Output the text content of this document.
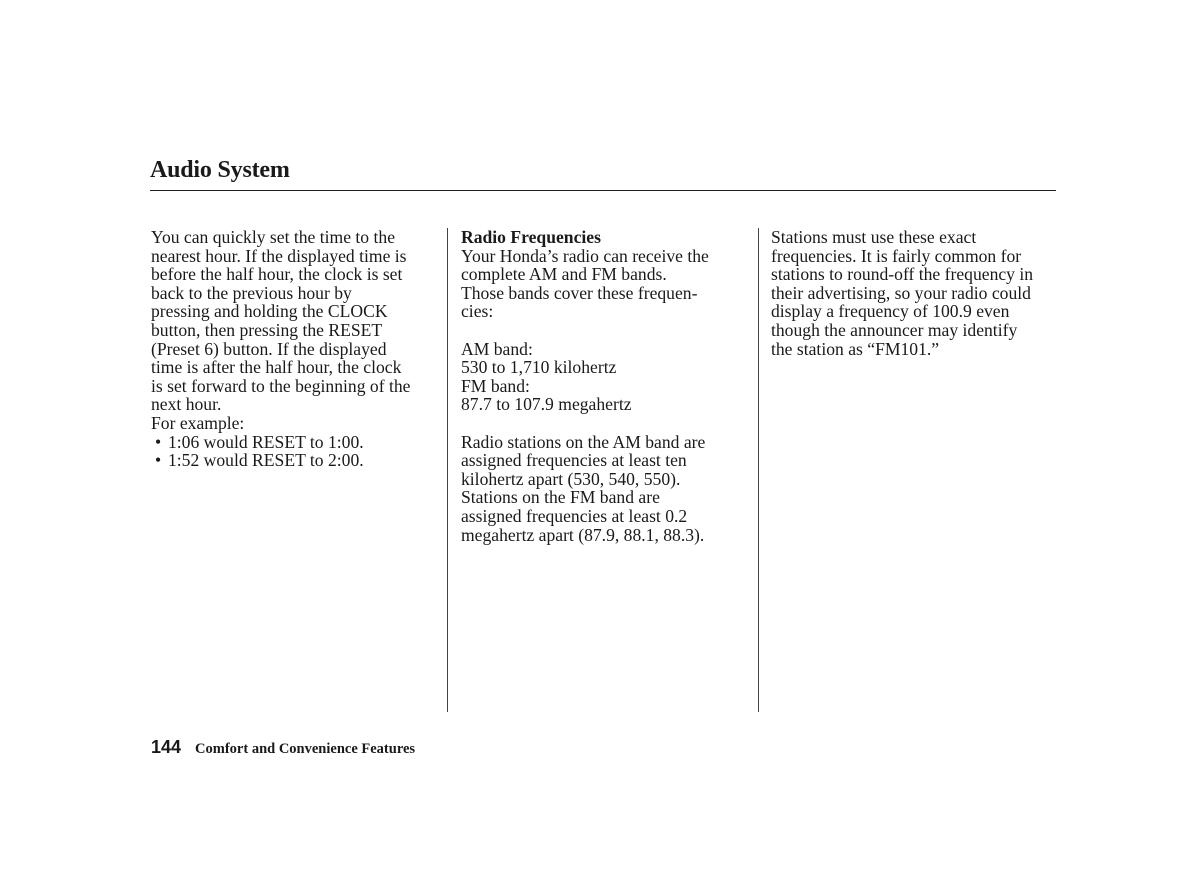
Audio System

You can quickly set the time to the
nearest hour. If the displayed time is
before the half hour, the clock is set
back to the previous hour by
pressing and holding the CLOCK
button, then pressing the RESET
(Preset 6) button. If the displayed
time is after the half hour, the clock
is set forward to the beginning of the
next hour.

For example:

• 1:06 would RESET to 1:00.
• 1:52 would RESET to 2:00.

Radio Frequencies

Your Honda’s radio can receive the
complete AM and FM bands.
Those bands cover these frequen-
cies:

AM band:

530 to 1,710 kilohertz

FM band:

87.7 to 107.9 megahertz

Radio stations on the AM band are
assigned frequencies at least ten
kilohertz apart (530, 540, 550).
Stations on the FM band are
assigned frequencies at least 0.2
megahertz apart (87.9, 88.1, 88.3).

Stations must use these exact
frequencies. It is fairly common for
stations to round-off the frequency in
their advertising, so your radio could
display a frequency of 100.9 even
though the announcer may identify
the station as “FM101.”

144 Comfort and Convenience Features
